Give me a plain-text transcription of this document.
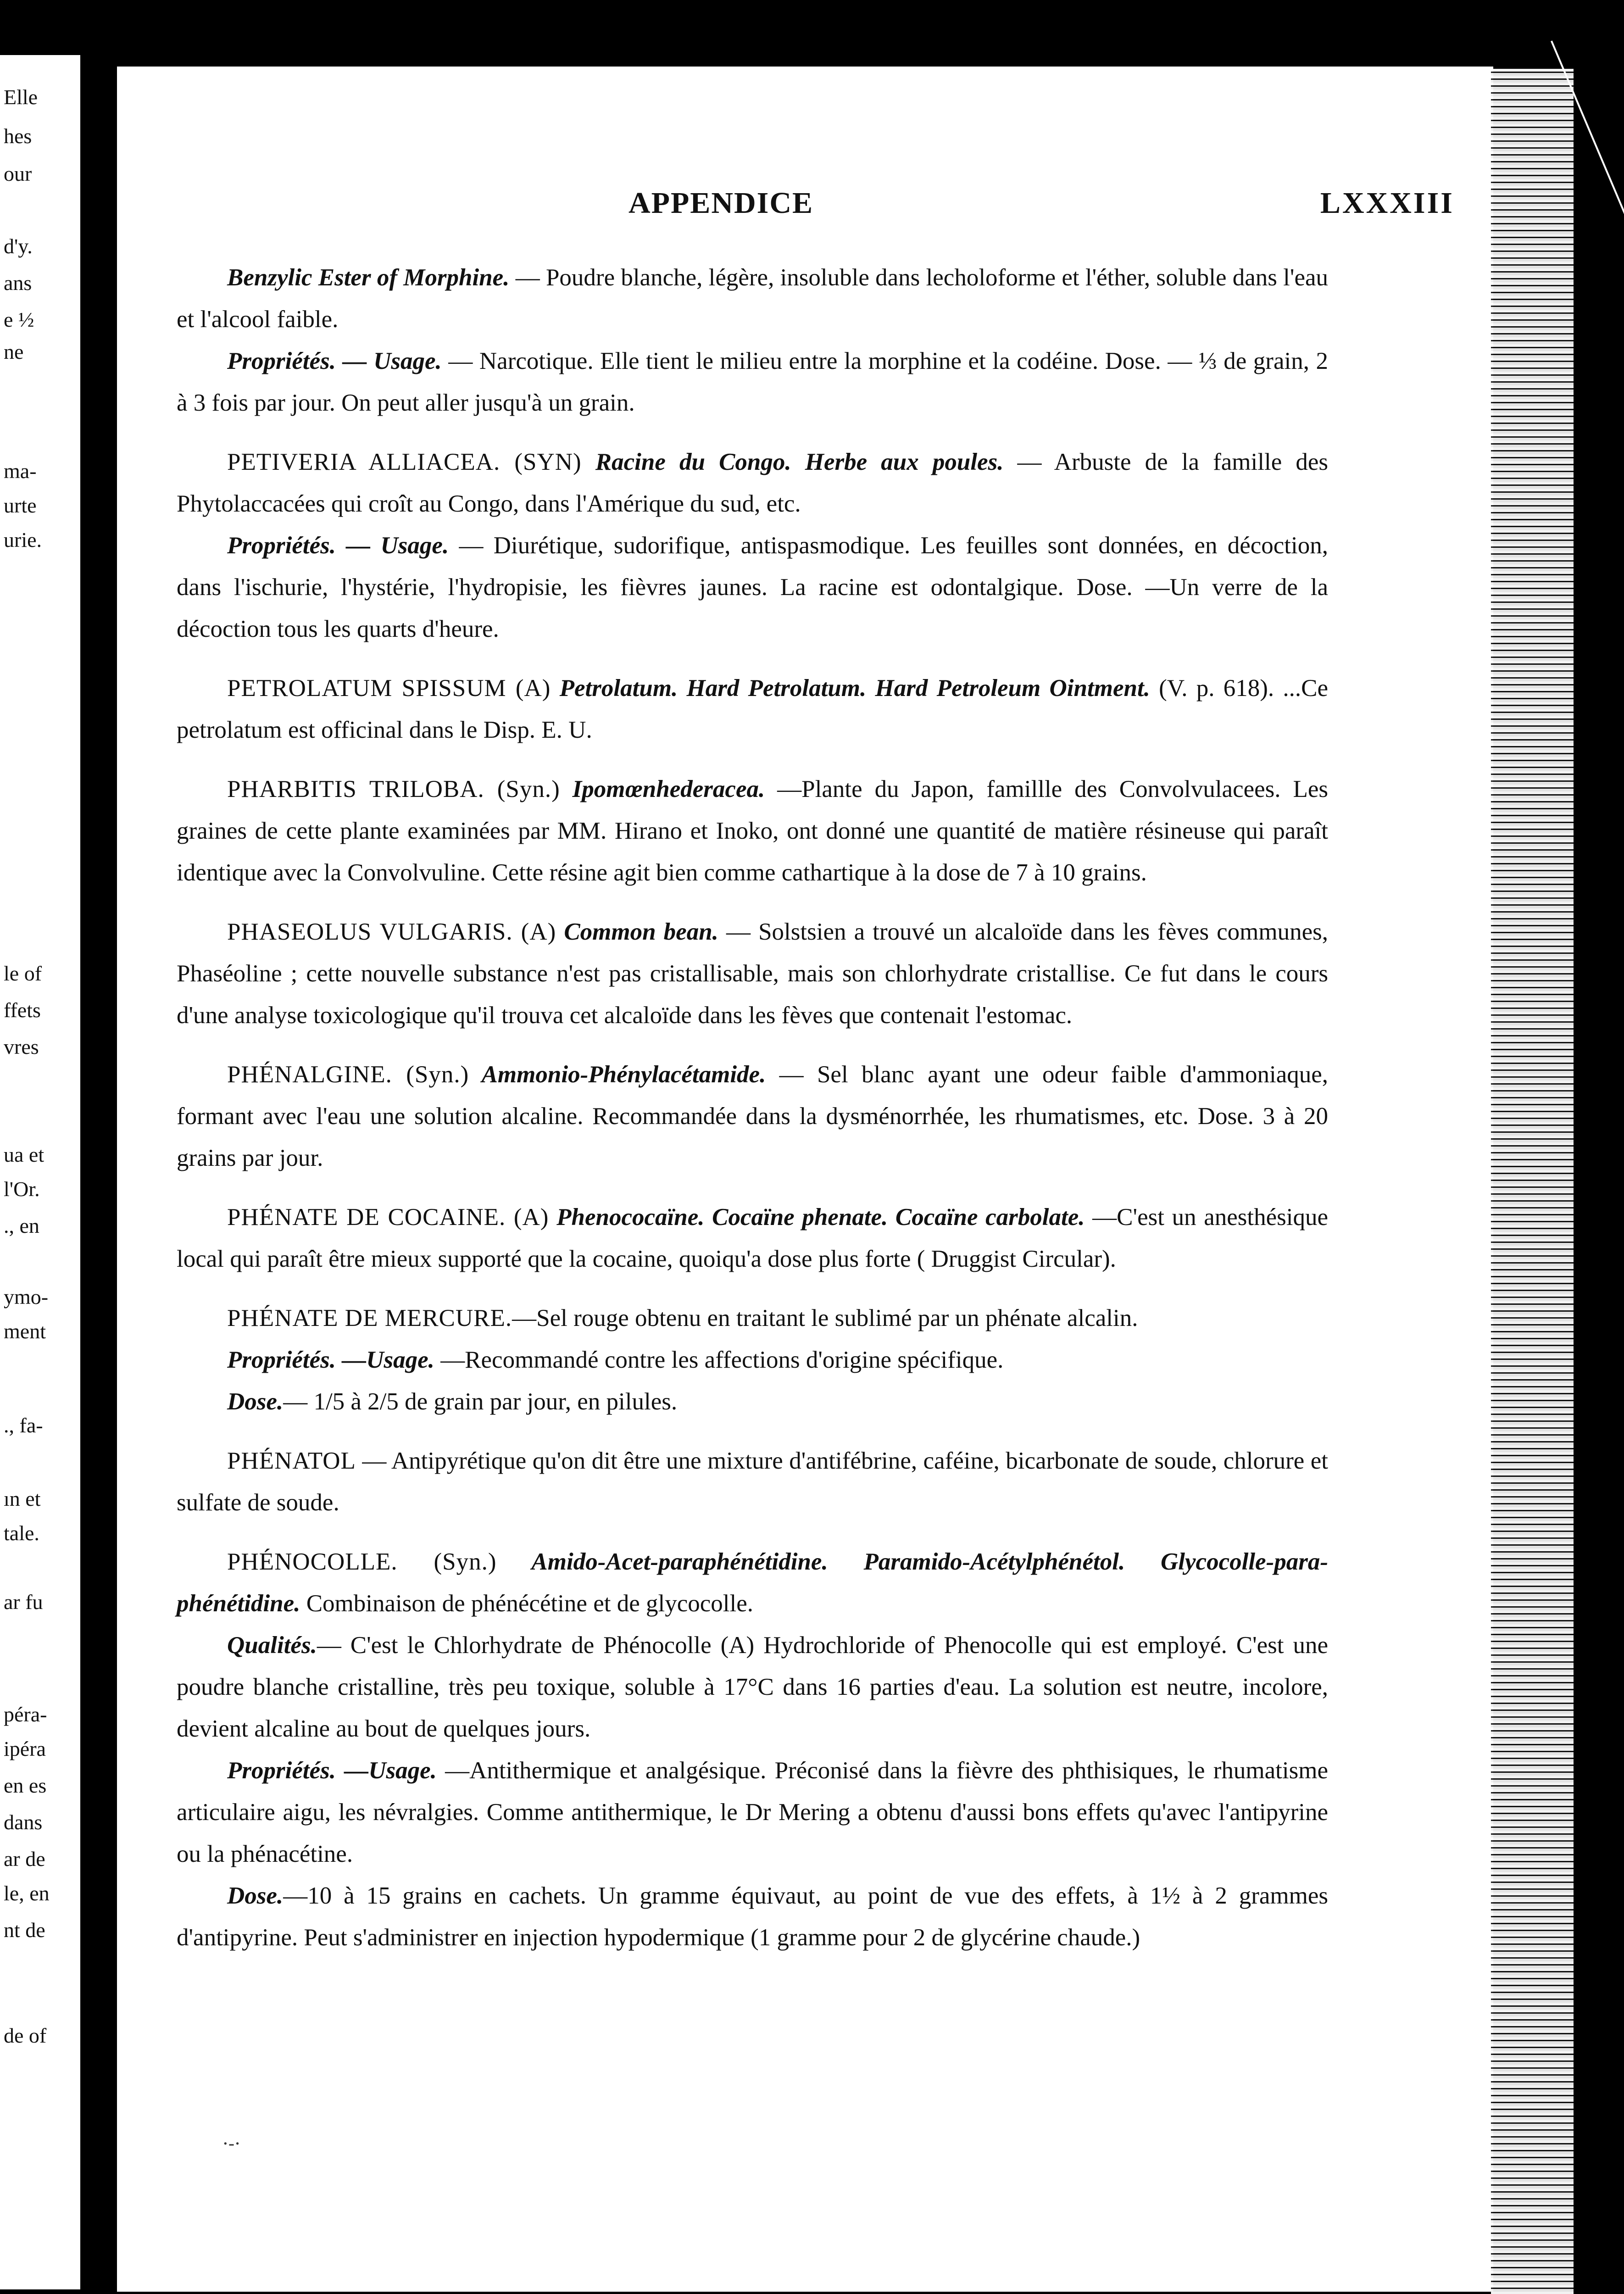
Elle
hes
our
d'y.
ans
e ½
ne
ma-
urte
urie.
le of
ffets
vres
ua et
l'Or.
., en
ymo-
ment
., fa-
ın et
tale.
ar fu
péra-
ipéra
en es
dans
ar de
le, en
nt de
de of
APPENDICE	LXXXIII

Benzylic Ester of Morphine. — Poudre blanche, légère, insoluble dans lecholoforme et l'éther, soluble dans l'eau et l'alcool faible.

Propriétés. — Usage. — Narcotique. Elle tient le milieu entre la morphine et la codéine. Dose. — ⅓ de grain, 2 à 3 fois par jour. On peut aller jusqu'à un grain.

PETIVERIA ALLIACEA. (SYN) Racine du Congo. Herbe aux poules. — Arbuste de la famille des Phytolaccacées qui croît au Congo, dans l'Amérique du sud, etc.

Propriétés. — Usage. — Diurétique, sudorifique, antispasmodique. Les feuilles sont données, en décoction, dans l'ischurie, l'hystérie, l'hydropisie, les fièvres jaunes. La racine est odontalgique. Dose. —Un verre de la décoction tous les quarts d'heure.

PETROLATUM SPISSUM (A) Petrolatum. Hard Petrolatum. Hard Petroleum Ointment. (V. p. 618). ...Ce petrolatum est officinal dans le Disp. E. U.

PHARBITIS TRILOBA. (Syn.) Ipomœnhederacea. —Plante du Japon, famillle des Convolvulacees. Les graines de cette plante examinées par MM. Hirano et Inoko, ont donné une quantité de matière résineuse qui paraît identique avec la Convolvuline. Cette résine agit bien comme cathartique à la dose de 7 à 10 grains.

PHASEOLUS VULGARIS. (A) Common bean. — Solstsien a trouvé un alcaloïde dans les fèves communes, Phaséoline ; cette nouvelle substance n'est pas cristallisable, mais son chlorhydrate cristallise. Ce fut dans le cours d'une analyse toxicologique qu'il trouva cet alcaloïde dans les fèves que contenait l'estomac.

PHÉNALGINE. (Syn.) Ammonio-Phénylacétamide. — Sel blanc ayant une odeur faible d'ammoniaque, formant avec l'eau une solution alcaline. Recommandée dans la dysménorrhée, les rhumatismes, etc. Dose. 3 à 20 grains par jour.

PHÉNATE DE COCAINE. (A) Phenococaïne. Cocaïne phenate. Cocaïne carbolate. —C'est un anesthésique local qui paraît être mieux supporté que la cocaine, quoiqu'a dose plus forte ( Druggist Circular).

PHÉNATE DE MERCURE.—Sel rouge obtenu en traitant le sublimé par un phénate alcalin.

Propriétés. —Usage. —Recommandé contre les affections d'origine spécifique.

Dose.— 1/5 à 2/5 de grain par jour, en pilules.

PHÉNATOL — Antipyrétique qu'on dit être une mixture d'antifébrine, caféine, bicarbonate de soude, chlorure et sulfate de soude.

PHÉNOCOLLE. (Syn.) Amido-Acet-paraphénétidine. Paramido-Acétylphénétol. Glycocolle-para-phénétidine. Combinaison de phénécétine et de glycocolle.

Qualités.— C'est le Chlorhydrate de Phénocolle (A) Hydrochloride of Phenocolle qui est employé. C'est une poudre blanche cristalline, très peu toxique, soluble à 17°C dans 16 parties d'eau. La solution est neutre, incolore, devient alcaline au bout de quelques jours.

Propriétés. —Usage. —Antithermique et analgésique. Préconisé dans la fièvre des phthisiques, le rhumatisme articulaire aigu, les névralgies. Comme antithermique, le Dr Mering a obtenu d'aussi bons effets qu'avec l'antipyrine ou la phénacétine.

Dose.—10 à 15 grains en cachets. Un gramme équivaut, au point de vue des effets, à 1½ à 2 grammes d'antipyrine. Peut s'administrer en injection hypodermique (1 gramme pour 2 de glycérine chaude.)

·-·
